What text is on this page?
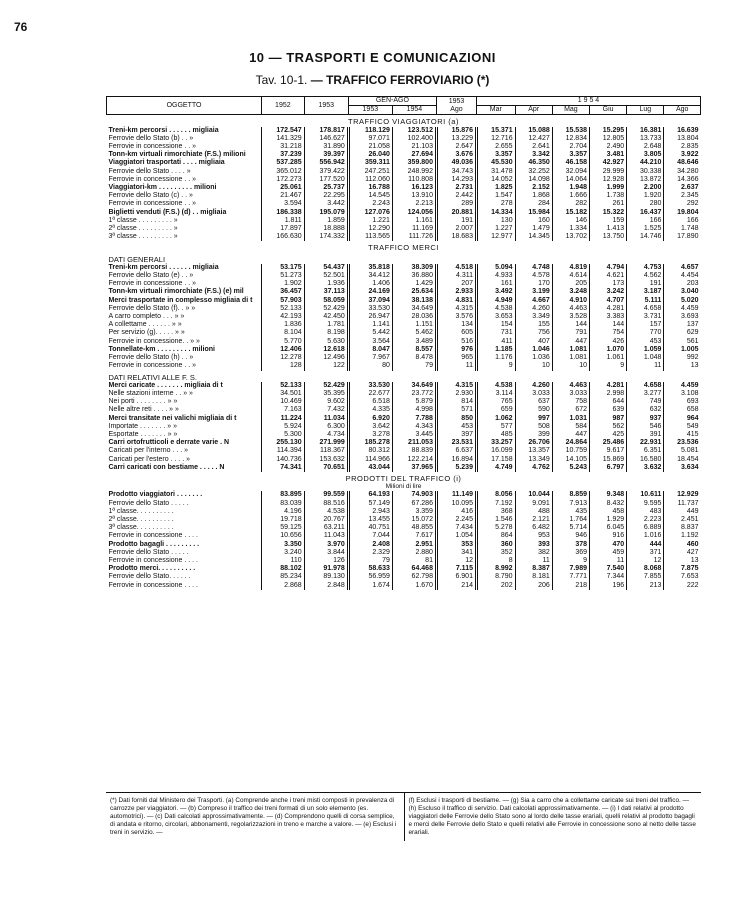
76
10 — TRASPORTI E COMUNICAZIONI
Tav. 10-1. — TRAFFICO FERROVIARIO (*)
OGGETTO	1952	1953	GEN-AGO		1953
Ago	1 9 5 4					
			1953	1954		Mar	Apr	Mag	Giu	Lug	Ago
TRAFFICO VIAGGIATORI (a)											
Treni-km percorsi . . . . . . migliaia	172.547	178.817	118.129	123.512	15.876	15.371	15.088	15.538	15.295	16.381	16.639
Ferrovie dello Stato (b) . . »	141.329	146.627	97.071	102.400	13.229	12.716	12.427	12.834	12.805	13.733	13.804
Ferrovie in concessione . . »	31.218	31.890	21.058	21.103	2.647	2.655	2.641	2.704	2.490	2.648	2.835
Tonn-km virtuali rimorchiate (F.S.) milioni	37.239	39.397	26.040	27.694	3.676	3.357	3.342	3.357	3.481	3.805	3.922
Viaggiatori trasportati . . . . migliaia	537.285	556.942	359.311	359.800	49.036	45.530	46.350	46.158	42.927	44.210	48.646
Ferrovie dello Stato . . . . »	365.012	379.422	247.251	248.992	34.743	31.478	32.252	32.094	29.999	30.338	34.280
Ferrovie in concessione . . »	172.273	177.520	112.060	110.808	14.293	14.052	14.098	14.064	12.928	13.872	14.366
Viaggiatori-km . . . . . . . . . milioni	25.061	25.737	16.788	16.123	2.731	1.825	2.152	1.948	1.999	2.200	2.637
Ferrovie dello Stato (c) . . »	21.467	22.295	14.545	13.910	2.442	1.547	1.868	1.666	1.738	1.920	2.345
Ferrovie in concessione . . »	3.594	3.442	2.243	2.213	289	278	284	282	261	280	292
Biglietti venduti (F.S.) (d) . . migliaia	186.338	195.079	127.076	124.056	20.881	14.334	15.984	15.182	15.322	16.437	19.804
1ª classe . . . . . . . . . »	1.811	1.859	1.221	1.161	191	130	160	146	159	166	166
2ª classe . . . . . . . . . »	17.897	18.888	12.290	11.169	2.007	1.227	1.479	1.334	1.413	1.525	1.748
3ª classe . . . . . . . . . »	166.630	174.332	113.565	111.726	18.683	12.977	14.345	13.702	13.750	14.746	17.890
TRAFFICO MERCI											
DATI GENERALI											
Treni-km percorsi . . . . . . migliaia	53.175	54.437	35.818	38.309	4.518	5.094	4.748	4.819	4.794	4.753	4.657
Ferrovie dello Stato (e) . . »	51.273	52.501	34.412	36.880	4.311	4.933	4.578	4.614	4.621	4.562	4.454
Ferrovie in concessione . . »	1.902	1.936	1.406	1.429	207	161	170	205	173	191	203
Tonn-km virtuali rimorchiate (F.S.) (e) mil	36.457	37.113	24.169	25.634	2.933	3.492	3.199	3.248	3.242	3.187	3.040
Merci trasportate in complesso migliaia di t	57.903	58.059	37.094	38.138	4.831	4.949	4.667	4.910	4.707	5.111	5.020
Ferrovie dello Stato (f). . » »	52.133	52.429	33.530	34.649	4.315	4.538	4.260	4.463	4.281	4.658	4.459
A carro completo . . . » »	42.193	42.450	26.947	28.036	3.576	3.653	3.349	3.528	3.383	3.731	3.693
A collettame . . . . . . » »	1.836	1.781	1.141	1.151	134	154	155	144	144	157	137
Per servizio (g). . . . . » »	8.104	8.198	5.442	5.462	605	731	756	791	754	770	629
Ferrovie in concessione. . » »	5.770	5.630	3.564	3.489	516	411	407	447	426	453	561
Tonnellate-km . . . . . . . . . milioni	12.406	12.618	8.047	8.557	976	1.185	1.046	1.081	1.070	1.059	1.005
Ferrovie dello Stato (h) . . »	12.278	12.496	7.967	8.478	965	1.176	1.036	1.081	1.061	1.048	992
Ferrovie in concessione . . »	128	122	80	79	11	9	10	10	9	11	13
DATI RELATIVI ALLE F. S.											
Merci caricate . . . . . . . migliaia di t	52.133	52.429	33.530	34.649	4.315	4.538	4.260	4.463	4.281	4.658	4.459
Nelle stazioni interne . . » »	34.501	35.395	22.677	23.772	2.930	3.114	3.033	3.033	2.998	3.277	3.108
Nei porti . . . . . . . . » »	10.469	9.602	6.518	5.879	814	765	637	758	644	749	693
Nelle altre reti . . . . » »	7.163	7.432	4.335	4.998	571	659	590	672	639	632	658
Merci transitate nei valichi migliaia di t	11.224	11.034	6.920	7.788	850	1.062	997	1.031	987	937	964
Importate . . . . . . . » »	5.924	6.300	3.642	4.343	453	577	508	584	562	546	549
Esportate . . . . . . . » »	5.300	4.734	3.278	3.445	397	485	399	447	425	391	415
Carri ortofrutticoli e derrate varie . N	255.130	271.999	185.278	211.053	23.531	33.257	26.706	24.864	25.486	22.931	23.536
Caricati per l'interno . . . »	114.394	118.367	80.312	88.839	6.637	16.099	13.357	10.759	9.617	6.351	5.081
Caricati per l'estero . . . . »	140.736	153.632	114.966	122.214	16.894	17.158	13.349	14.105	15.869	16.580	18.454
Carri caricati con bestiame . . . . . N	74.341	70.651	43.044	37.965	5.239	4.749	4.762	5.243	6.797	3.632	3.634
PRODOTTI DEL TRAFFICO (i)											
Milioni di lire											
Prodotto viaggiatori . . . . . . .	83.895	99.559	64.193	74.903	11.149	8.056	10.044	8.859	9.348	10.611	12.929
Ferrovie dello Stato . . . . .	83.039	88.516	57.149	67.286	10.095	7.192	9.091	7.913	8.432	9.595	11.737
1ª classe. . . . . . . . . .	4.196	4.538	2.943	3.359	416	368	488	435	458	483	449
2ª classe. . . . . . . . . .	19.718	20.767	13.455	15.072	2.245	1.546	2.121	1.764	1.929	2.223	2.451
3ª classe. . . . . . . . . .	59.125	63.211	40.751	48.855	7.434	5.278	6.482	5.714	6.045	6.889	8.837
Ferrovie in concessione . . . .	10.656	11.043	7.044	7.617	1.054	864	953	946	916	1.016	1.192
Prodotto bagagli . . . . . . . . .	3.350	3.970	2.408	2.951	353	360	393	378	470	444	460
Ferrovie dello Stato . . . . .	3.240	3.844	2.329	2.880	341	352	382	369	459	371	427
Ferrovie in concessione . . . .	110	126	79	81	12	8	11	9	11	12	13
Prodotto merci. . . . . . . . . .	88.102	91.978	58.633	64.468	7.115	8.992	8.387	7.989	7.540	8.068	7.875
Ferrovie dello Stato. . . . . .	85.234	89.130	56.959	62.798	6.901	8.790	8.181	7.771	7.344	7.855	7.653
Ferrovie in concessione . . . .	2.868	2.848	1.674	1.670	214	202	206	218	196	213	222
(*) Dati forniti dal Ministero dei Trasporti. (a) Comprende anche i treni misti composti in prevalenza di carrozze per viaggiatori. — (b) Compreso il traffico dei treni formati di un solo elemento (es. automotrici). — (c) Dati calcolati approssimativamente. — (d) Comprendono quelli di corsa semplice, di andata e ritorno, circolari, abbonamenti, regolarizzazioni in treno e marche a valore. — (e) Esclusi i treni in servizio. —
(f) Esclusi i trasporti di bestiame. — (g) Sia a carro che a collettame caricate sui treni del traffico. — (h) Escluso il traffico di servizio. Dati calcolati approssimativamente. — (i) I dati relativi al prodotto viaggiatori delle Ferrovie dello Stato sono al lordo delle tasse erariali, quelli relativi al prodotto bagagli e merci delle Ferrovie dello Stato e quelli relativi alle Ferrovie in concessione sono al netto delle tasse erariali.
